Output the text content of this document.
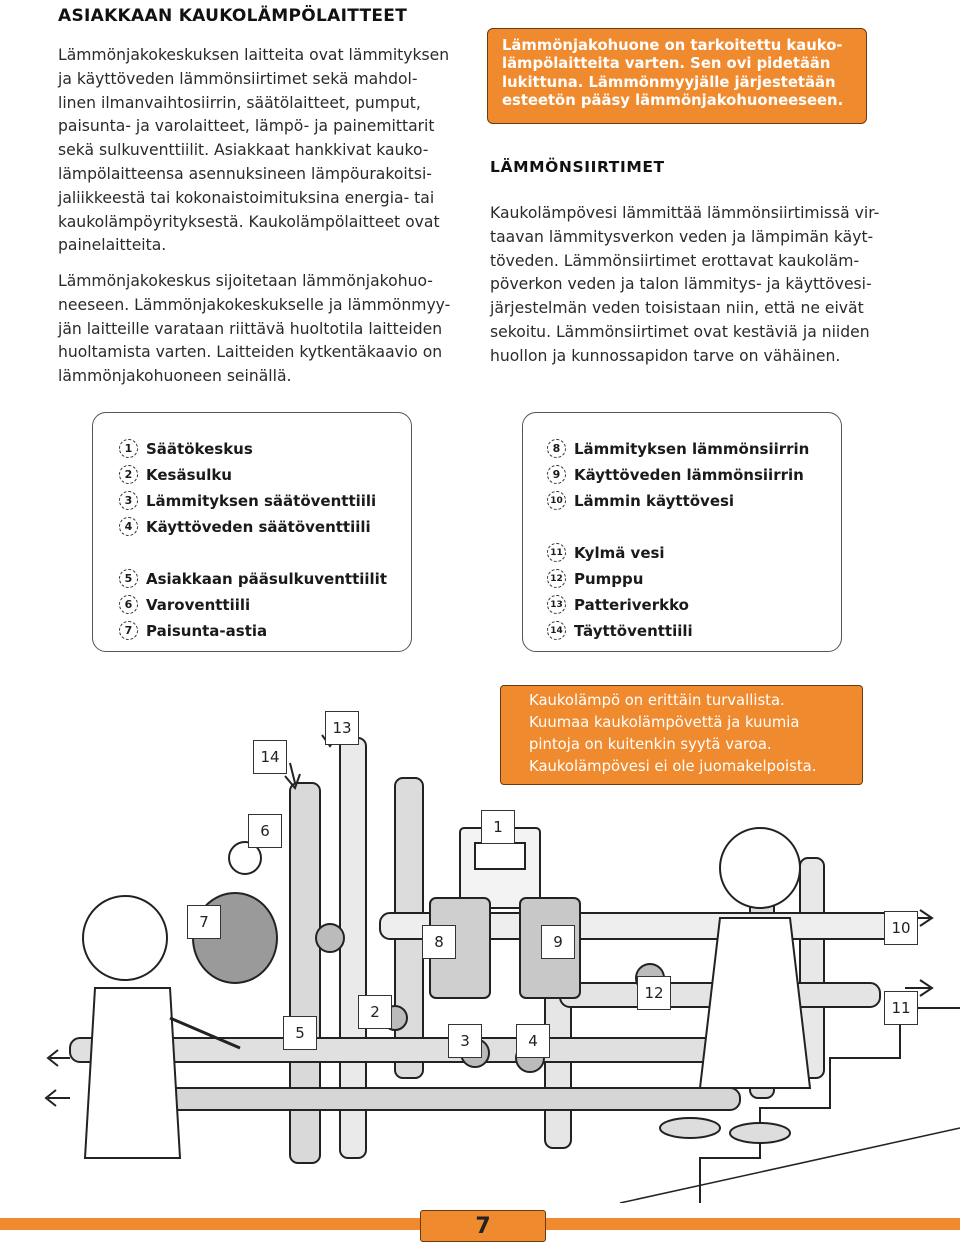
ASIAKKAAN KAUKOLÄMPÖLAITTEET
Lämmönjakokeskuksen laitteita ovat lämmityksen
ja käyttöveden lämmönsiirtimet sekä mahdol-
linen ilmanvaihtosiirrin, säätölaitteet, pumput,
paisunta- ja varolaitteet, lämpö- ja painemittarit
sekä sulkuventtiilit. Asiakkaat hankkivat kauko-
lämpölaitteensa asennuksineen lämpöurakoitsi-
jaliikkeestä tai kokonaistoimituksina energia- tai
kaukolämpöyrityksestä. Kaukolämpölaitteet ovat
painelaitteita.
Lämmönjakokeskus sijoitetaan lämmönjakohuo-
neeseen. Lämmönjakokeskukselle ja lämmönmyy-
jän laitteille varataan riittävä huoltotila laitteiden
huoltamista varten. Laitteiden kytkentäkaavio on
lämmönjakohuoneen seinällä.
Lämmönjakohuone on tarkoitettu kauko-
lämpölaitteita varten. Sen ovi pidetään
lukittuna. Lämmönmyyjälle järjestetään
esteetön pääsy lämmönjakohuoneeseen.
LÄMMÖNSIIRTIMET
Kaukolämpövesi lämmittää lämmönsiirtimissä vir-
taavan lämmitysverkon veden ja lämpimän käyt-
töveden. Lämmönsiirtimet erottavat kaukoläm-
pöverkon veden ja talon lämmitys- ja käyttövesi-
järjestelmän veden toisistaan niin, että ne eivät
sekoitu. Lämmönsiirtimet ovat kestäviä ja niiden
huollon ja kunnossapidon tarve on vähäinen.
1 Säätökeskus
2 Kesäsulku
3 Lämmityksen säätöventtiili
4 Käyttöveden säätöventtiili
5 Asiakkaan pääsulkuventtiilit
6 Varoventtiili
7 Paisunta-astia
8 Lämmityksen lämmönsiirrin
9 Käyttöveden lämmönsiirrin
10 Lämmin käyttövesi
11 Kylmä vesi
12 Pumppu
13 Patteriverkko
14 Täyttöventtiili
13
14
6	1
7
8	9
10
12
11
2
5	3	4
Kaukolämpö on erittäin turvallista.
Kuumaa kaukolämpövettä ja kuumia
pintoja on kuitenkin syytä varoa.
Kaukolämpövesi ei ole juomakelpoista.
7
